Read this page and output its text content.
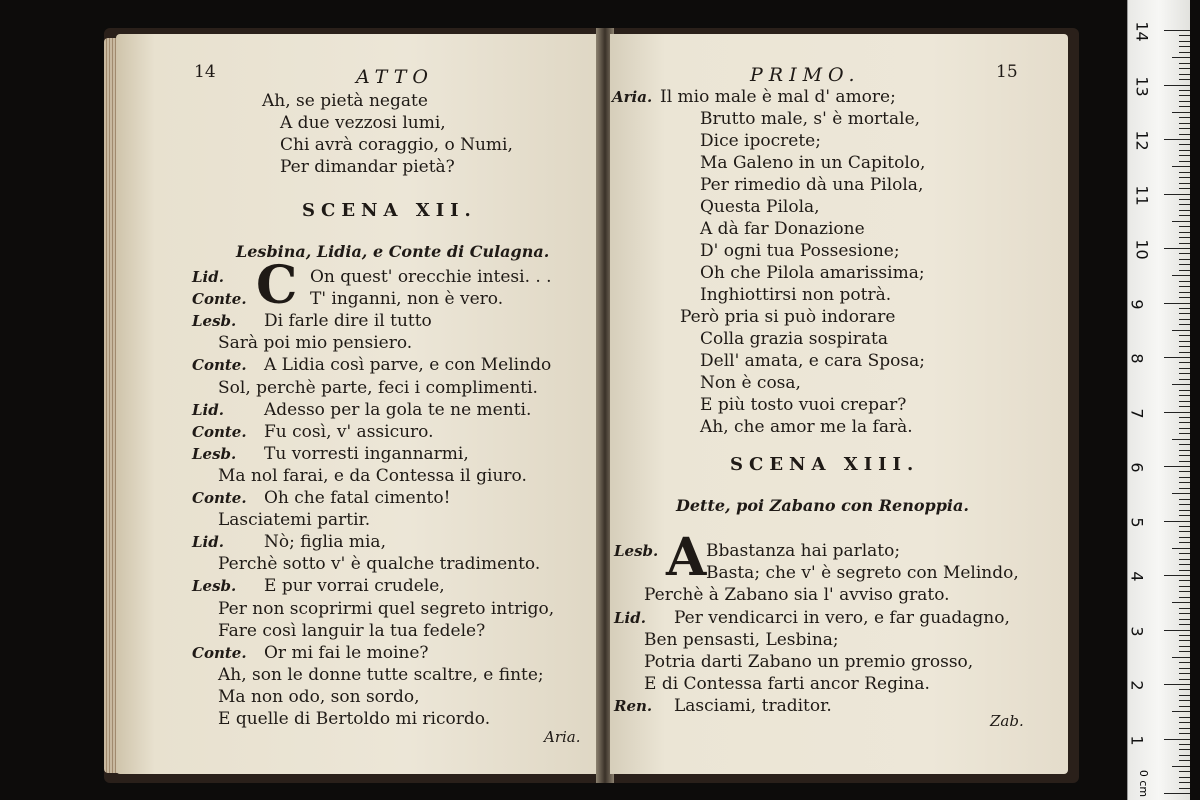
14	ATTO
Ah, se pietà negate
A due vezzosi lumi,
Chi avrà coraggio, o Numi,
Per dimandar pietà?
SCENA XII.
Lesbina, Lidia, e Conte di Culagna.
C
Lid.	On quest' orecchie intesi. . .
Conte.	T' inganni, non è vero.
Lesb. Di farle dire il tutto
Sarà poi mio pensiero.
Conte. A Lidia così parve, e con Melindo
Sol, perchè parte, feci i complimenti.
Lid. Adesso per la gola te ne menti.
Conte. Fu così, v' assicuro.
Lesb. Tu vorresti ingannarmi,
Ma nol farai, e da Contessa il giuro.
Conte. Oh che fatal cimento!
Lasciatemi partir.
Lid. Nò; figlia mia,
Perchè sotto v' è qualche tradimento.
Lesb. E pur vorrai crudele,
Per non scoprirmi quel segreto intrigo,
Fare così languir la tua fedele?
Conte. Or mi fai le moine?
Ah, son le donne tutte scaltre, e finte;
Ma non odo, son sordo,
E quelle di Bertoldo mi ricordo.
Aria.
PRIMO.	15
Aria. Il mio male è mal d' amore;
Brutto male, s' è mortale,
Dice ipocrete;
Ma Galeno in un Capitolo,
Per rimedio dà una Pilola,
Questa Pilola,
A dà far Donazione
D' ogni tua Possesione;
Oh che Pilola amarissima;
Inghiottirsi non potrà.
Però pria si può indorare
Colla grazia sospirata
Dell' amata, e cara Sposa;
Non è cosa,
E più tosto vuoi crepar?
Ah, che amor me la farà.
SCENA XIII.
Dette, poi Zabano con Renoppia.
A
Lesb.	Bbastanza hai parlato;
Basta; che v' è segreto con Melindo,
Perchè à Zabano sia l' avviso grato.
Lid. Per vendicarci in vero, e far guadagno,
Ben pensasti, Lesbina;
Potria darti Zabano un premio grosso,
E di Contessa farti ancor Regina.
Ren. Lasciami, traditor.
Zab.
0 cm
14
13
12
11
10
9
8
7
6
5
4
3
2
1
